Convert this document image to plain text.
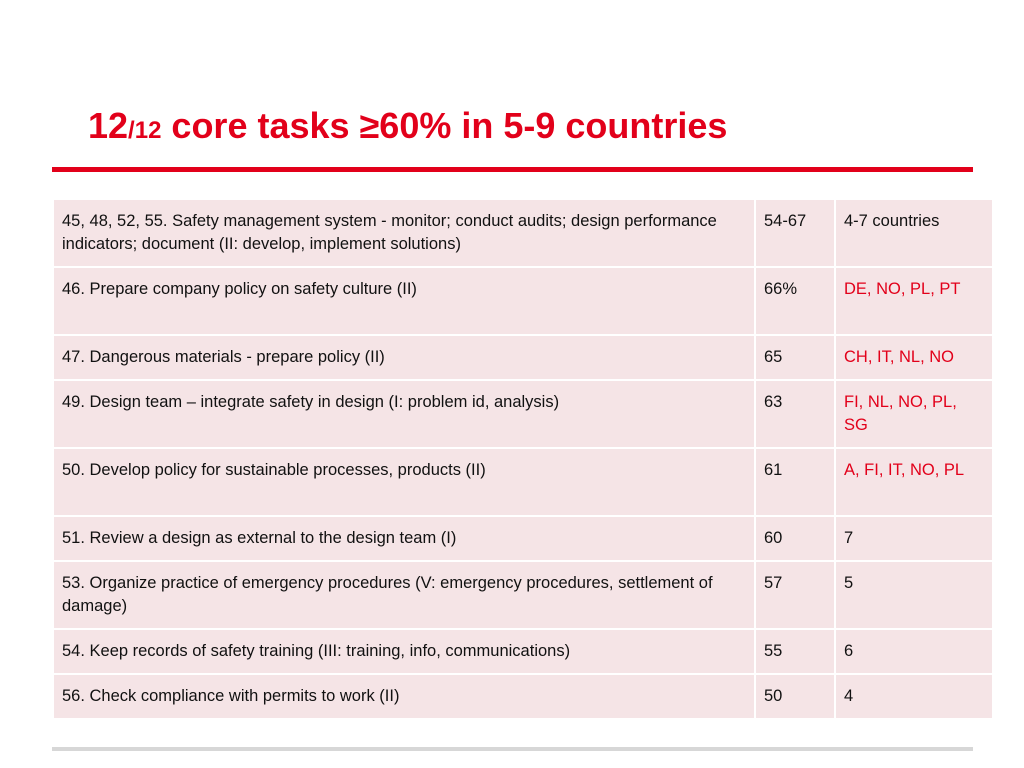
12/12 core tasks ≥60% in 5-9 countries
45, 48, 52, 55. Safety management system - monitor; conduct audits; design performance indicators; document (II: develop, implement solutions)	54-67	4-7 countries
46. Prepare company policy on safety culture (II)	66%	DE, NO, PL, PT
47. Dangerous materials - prepare policy (II)	65	CH, IT, NL, NO
49. Design team – integrate safety in design (I: problem id, analysis)	63	FI, NL, NO, PL, SG
50. Develop policy for sustainable processes, products (II)	61	A, FI, IT, NO, PL
51. Review a design as external to the design team (I)	60	7
53. Organize practice of emergency procedures (V: emergency procedures, settlement of damage)	57	5
54. Keep records of safety training (III: training, info, communications)	55	6
56. Check compliance with permits to work (II)	50	4
